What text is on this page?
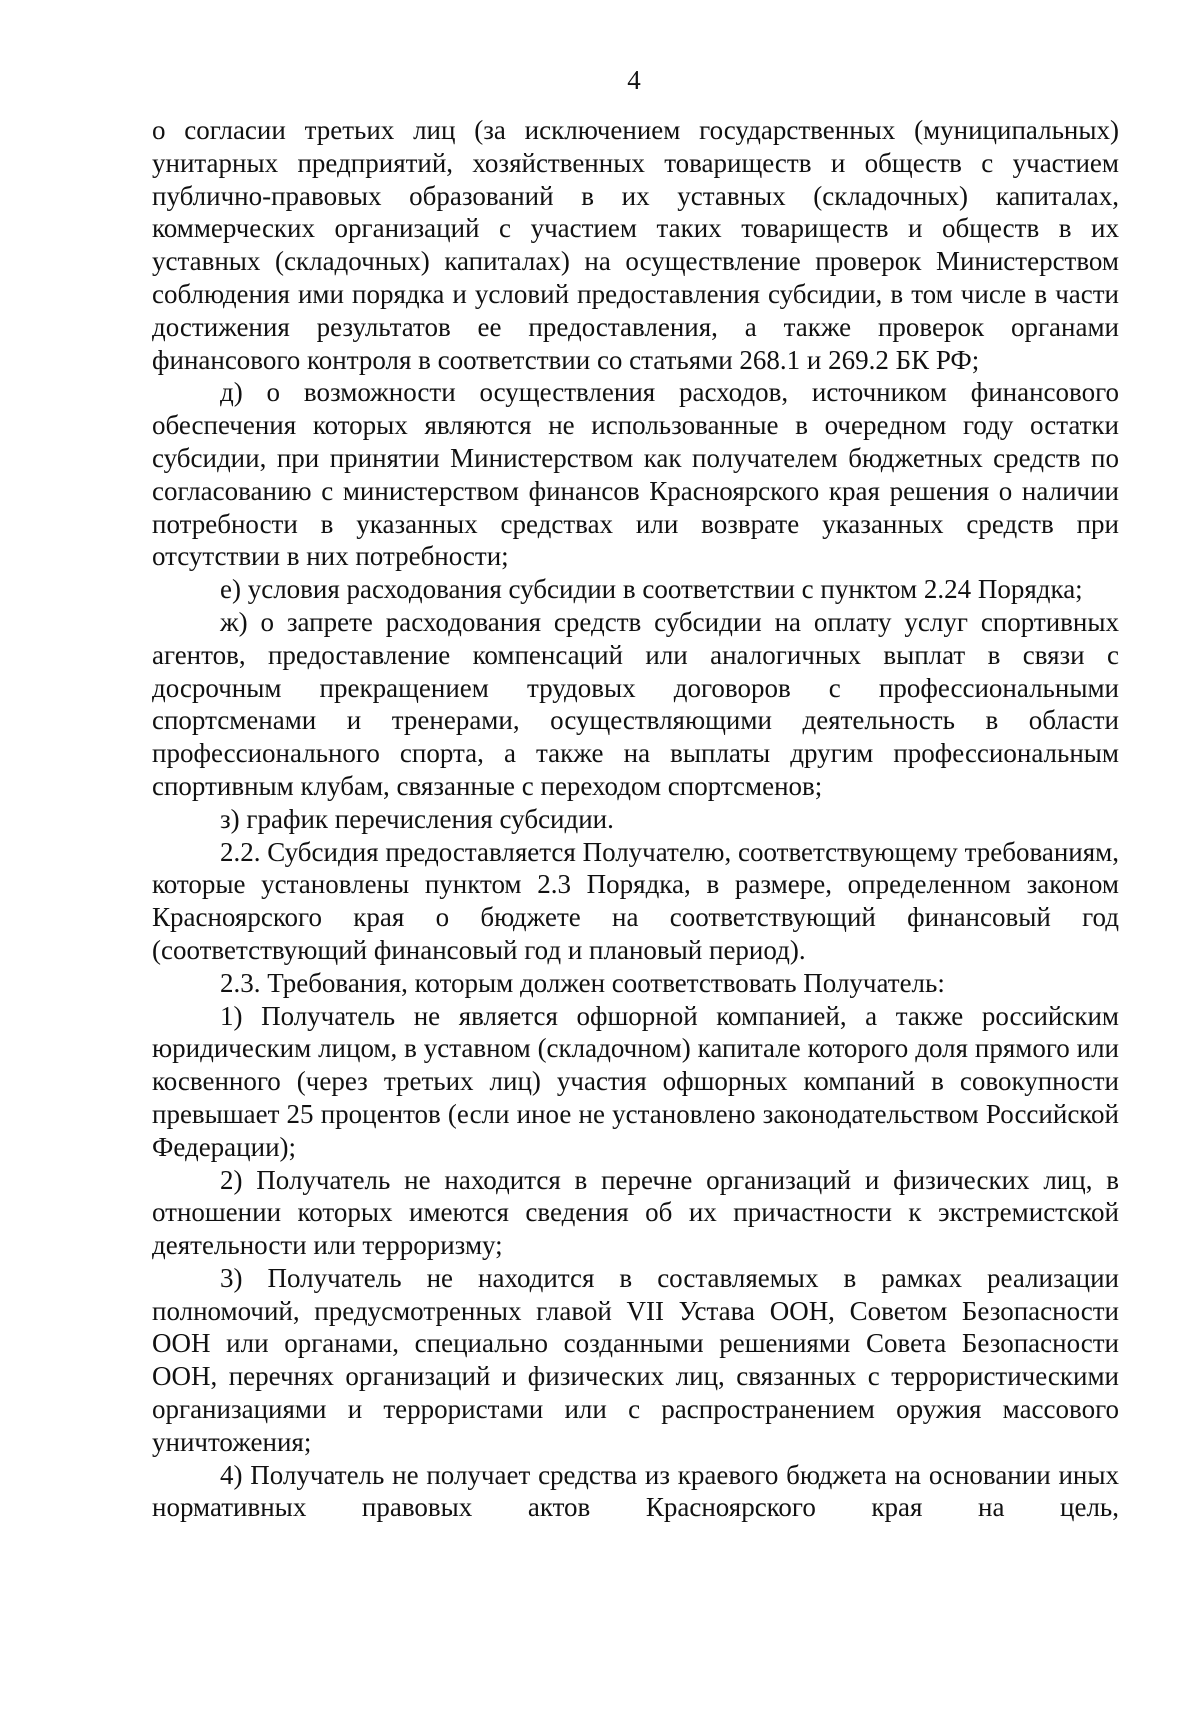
4

о согласии третьих лиц (за исключением государственных (муниципальных) унитарных предприятий, хозяйственных товариществ и обществ с участием публично-правовых образований в их уставных (складочных) капиталах, коммерческих организаций с участием таких товариществ и обществ в их уставных (складочных) капиталах) на осуществление проверок Министерством соблюдения ими порядка и условий предоставления субсидии, в том числе в части достижения результатов ее предоставления, а также проверок органами финансового контроля в соответствии со статьями 268.1 и 269.2 БК РФ;

д) о возможности осуществления расходов, источником финансового обеспечения которых являются не использованные в очередном году остатки субсидии, при принятии Министерством как получателем бюджетных средств по согласованию с министерством финансов Красноярского края решения о наличии потребности в указанных средствах или возврате указанных средств при отсутствии в них потребности;

е) условия расходования субсидии в соответствии с пунктом 2.24 Порядка;

ж) о запрете расходования средств субсидии на оплату услуг спортивных агентов, предоставление компенсаций или аналогичных выплат в связи с досрочным прекращением трудовых договоров с профессиональными спортсменами и тренерами, осуществляющими деятельность в области профессионального спорта, а также на выплаты другим профессиональным спортивным клубам, связанные с переходом спортсменов;

з) график перечисления субсидии.

2.2. Субсидия предоставляется Получателю, соответствующему требованиям, которые установлены пунктом 2.3 Порядка, в размере, определенном законом Красноярского края о бюджете на соответствующий финансовый год (соответствующий финансовый год и плановый период).

2.3. Требования, которым должен соответствовать Получатель:

1) Получатель не является офшорной компанией, а также российским юридическим лицом, в уставном (складочном) капитале которого доля прямого или косвенного (через третьих лиц) участия офшорных компаний в совокупности превышает 25 процентов (если иное не установлено законодательством Российской Федерации);

2) Получатель не находится в перечне организаций и физических лиц, в отношении которых имеются сведения об их причастности к экстремистской деятельности или терроризму;

3) Получатель не находится в составляемых в рамках реализации полномочий, предусмотренных главой VII Устава ООН, Советом Безопасности ООН или органами, специально созданными решениями Совета Безопасности ООН, перечнях организаций и физических лиц, связанных с террористическими организациями и террористами или с распространением оружия массового уничтожения;

4) Получатель не получает средства из краевого бюджета на основании иных нормативных правовых актов Красноярского края на цель,
